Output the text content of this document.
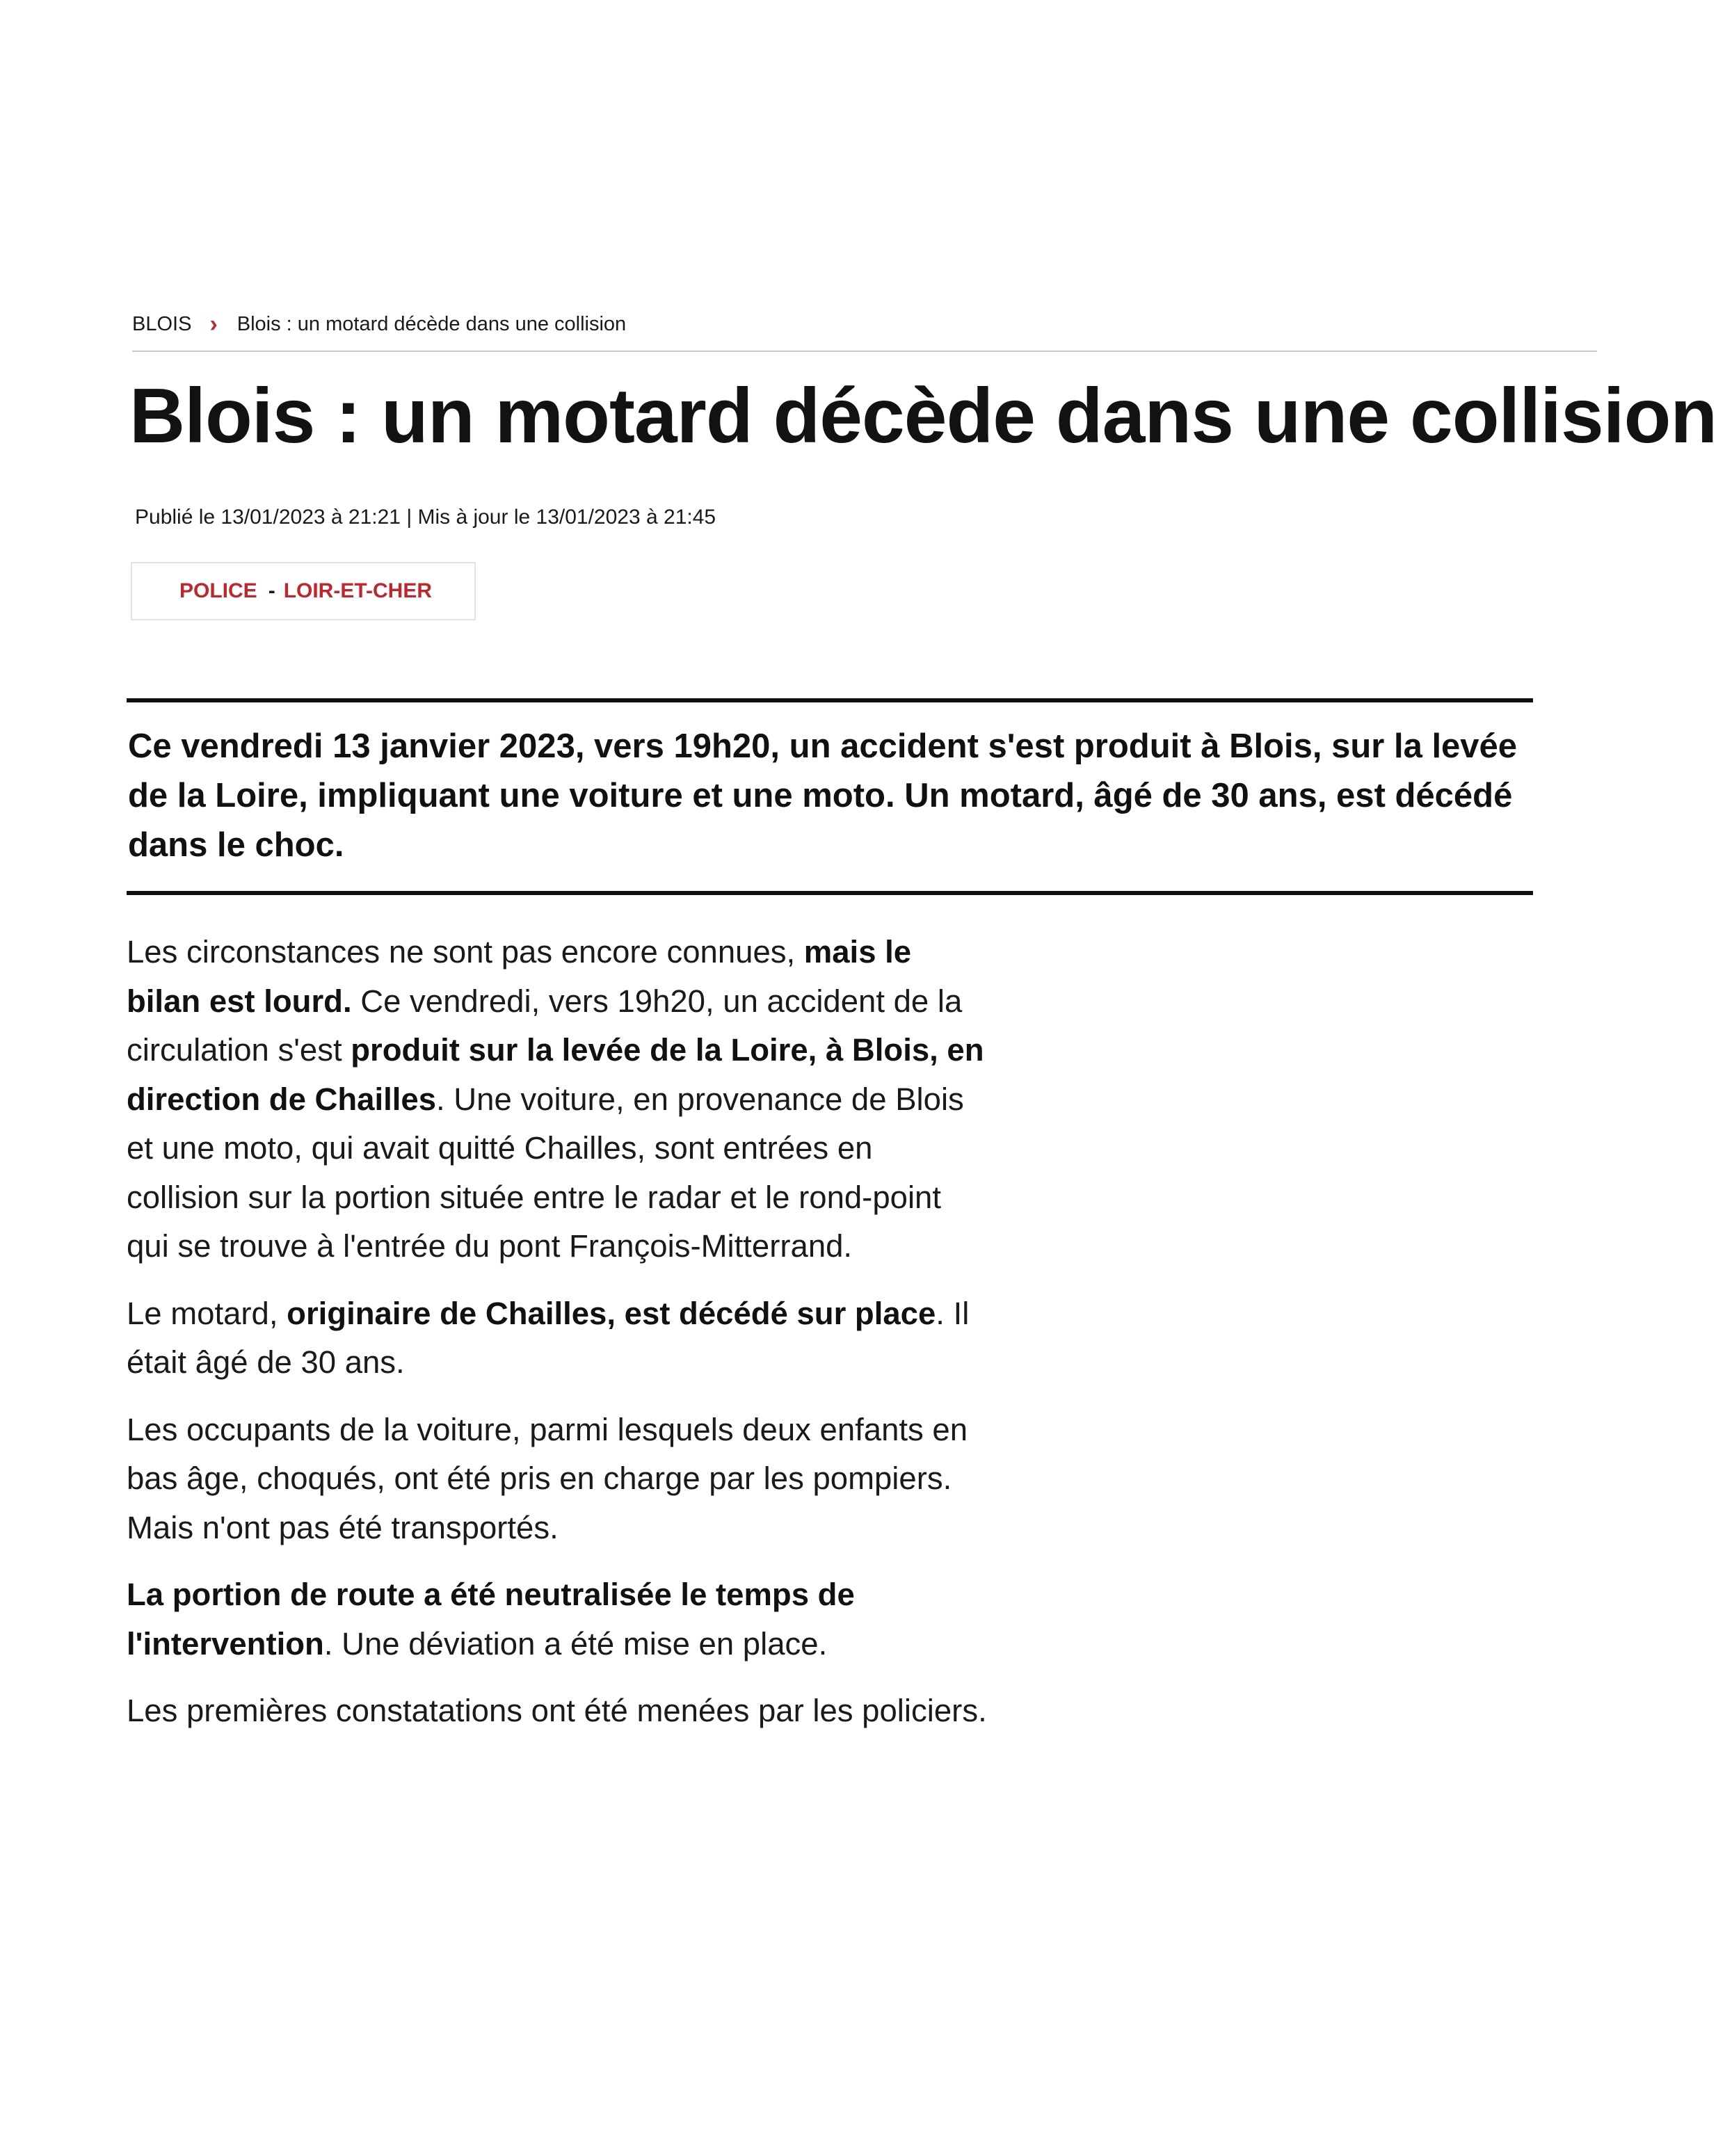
BLOIS › Blois : un motard décède dans une collision
Blois : un motard décède dans une collision
Publié le 13/01/2023 à 21:21 | Mis à jour le 13/01/2023 à 21:45
POLICE - LOIR-ET-CHER
Ce vendredi 13 janvier 2023, vers 19h20, un accident s'est produit à Blois, sur la levée de la Loire, impliquant une voiture et une moto. Un motard, âgé de 30 ans, est décédé dans le choc.

Les circonstances ne sont pas encore connues, mais le bilan est lourd. Ce vendredi, vers 19h20, un accident de la circulation s'est produit sur la levée de la Loire, à Blois, en direction de Chailles. Une voiture, en provenance de Blois et une moto, qui avait quitté Chailles, sont entrées en collision sur la portion située entre le radar et le rond-point qui se trouve à l'entrée du pont François-Mitterrand.

Le motard, originaire de Chailles, est décédé sur place. Il était âgé de 30 ans.

Les occupants de la voiture, parmi lesquels deux enfants en bas âge, choqués, ont été pris en charge par les pompiers. Mais n'ont pas été transportés.

La portion de route a été neutralisée le temps de l'intervention. Une déviation a été mise en place.

Les premières constatations ont été menées par les policiers.
